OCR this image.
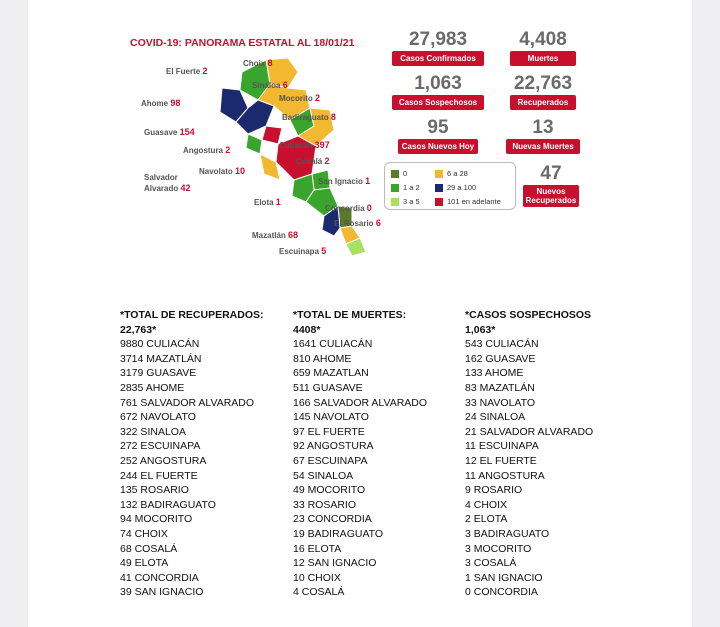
COVID-19: PANORAMA ESTATAL AL 18/01/21
Choix 8
El Fuerte 2
Sinaloa 6
Ahome 98	Mocorito 2
Badiraguato 8
Guasave 154
Angostura 2	Culiacán 397
Cosalá 2
Salvador
Alvarado 42
Navolato 10
San Ignacio 1
Elota 1
Concordia 0
El Rosario 6
Mazatlán 68
Escuinapa 5
27,983
Casos Confirmados
4,408
Muertes
1,063
Casos Sospechosos
22,763
Recuperados
95
Casos Nuevos Hoy
13
Nuevas Muertes
47
Nuevos
Recuperados
0
1 a 2
3 a 5
6 a 28
29 a 100
101 en adelante
*TOTAL DE RECUPERADOS:
22,763*
9880 CULIACÁN
3714 MAZATLÁN
3179 GUASAVE
2835 AHOME
761 SALVADOR ALVARADO
672 NAVOLATO
322 SINALOA
272 ESCUINAPA
252 ANGOSTURA
244 EL FUERTE
135 ROSARIO
132 BADIRAGUATO
94 MOCORITO
74 CHOIX
68 COSALÁ
49 ELOTA
41 CONCORDIA
39 SAN IGNACIO
*TOTAL DE MUERTES:
4408*
1641 CULIACÁN
810 AHOME
659 MAZATLAN
511 GUASAVE
166 SALVADOR ALVARADO
145 NAVOLATO
97 EL FUERTE
92 ANGOSTURA
67 ESCUINAPA
54 SINALOA
49 MOCORITO
33 ROSARIO
23 CONCORDIA
19 BADIRAGUATO
16 ELOTA
12 SAN IGNACIO
10 CHOIX
4 COSALÁ
*CASOS SOSPECHOSOS
1,063*
543 CULIACÁN
162 GUASAVE
133 AHOME
83 MAZATLÁN
33 NAVOLATO
24 SINALOA
21 SALVADOR ALVARADO
11 ESCUINAPA
12 EL FUERTE
11 ANGOSTURA
9 ROSARIO
4 CHOIX
2 ELOTA
3 BADIRAGUATO
3 MOCORITO
3 COSALÁ
1 SAN IGNACIO
0 CONCORDIA
